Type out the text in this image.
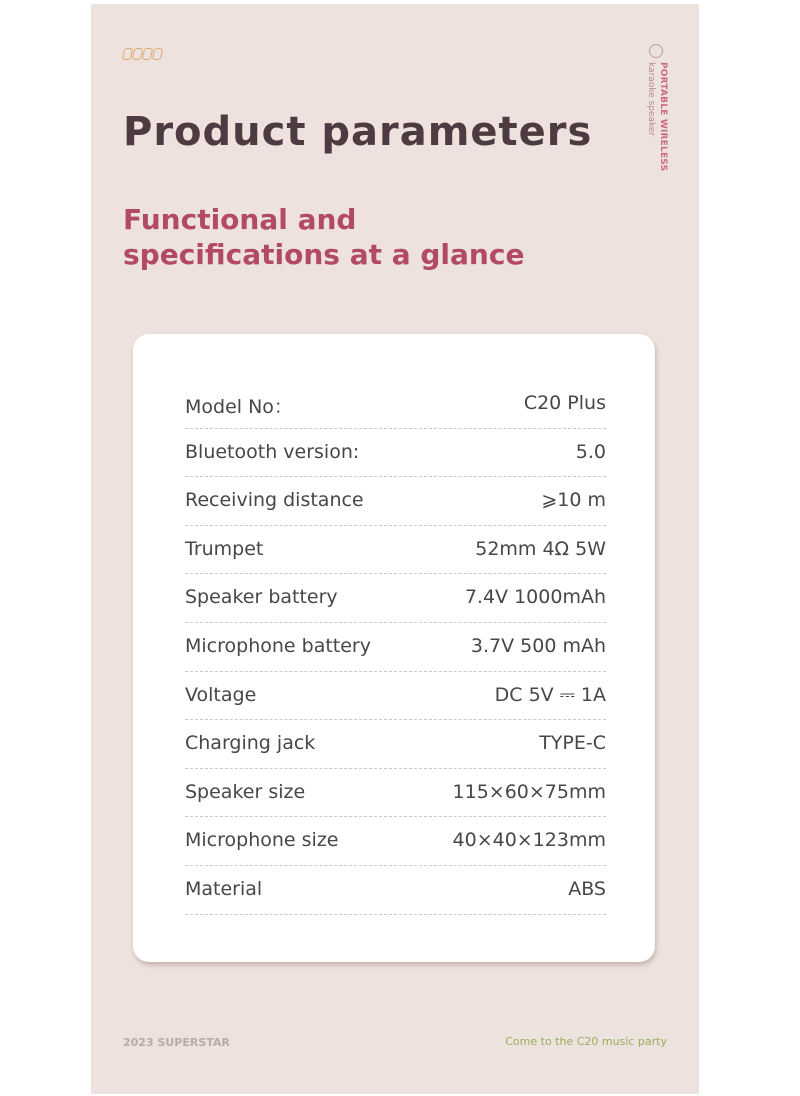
PORTABLE WIRELESS
karaoke speaker
Product parameters
Functional and specifications at a glance
Model No：	C20 Plus
Bluetooth version:	5.0
Receiving distance	⩾10 m
Trumpet	52mm 4Ω 5W
Speaker battery	7.4V 1000mAh
Microphone battery	3.7V 500 mAh
Voltage	DC 5V ⎓ 1A
Charging jack	TYPE-C
Speaker size	115×60×75mm
Microphone size	40×40×123mm
Material	ABS
2023 SUPERSTAR	Come to the C20 music party
